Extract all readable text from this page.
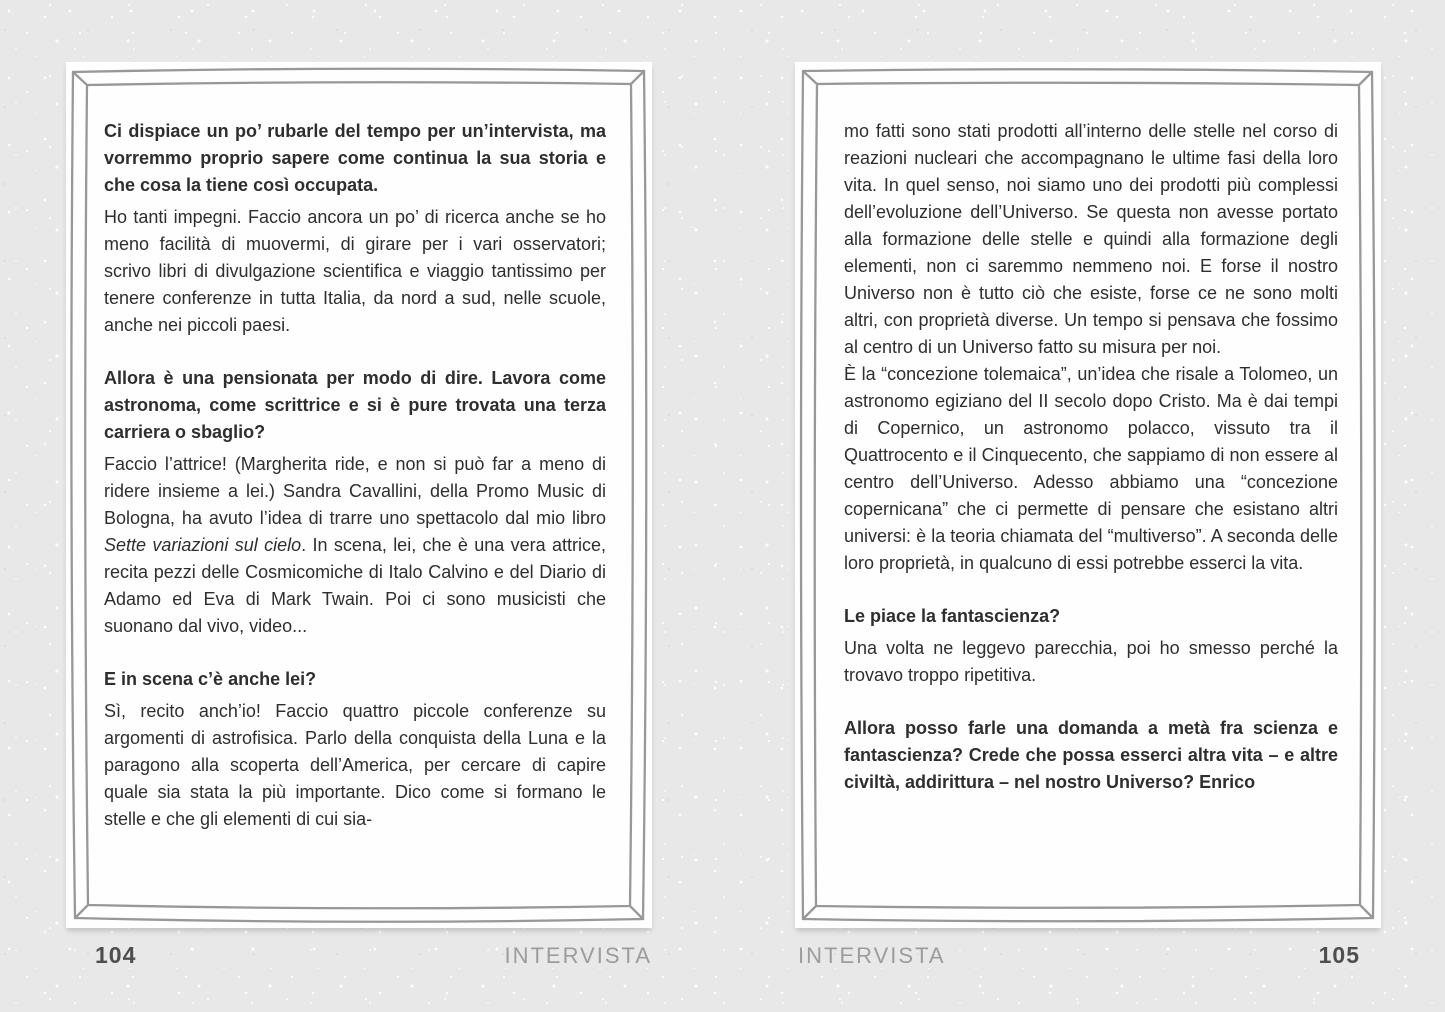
Ci dispiace un po’ rubarle del tempo per un’intervista, ma vorremmo proprio sapere come continua la sua storia e che cosa la tiene così occupata.

Ho tanti impegni. Faccio ancora un po’ di ricerca anche se ho meno facilità di muovermi, di girare per i vari osservatori; scrivo libri di divulgazione scientifica e viaggio tantissimo per tenere conferenze in tutta Italia, da nord a sud, nelle scuole, anche nei piccoli paesi.

Allora è una pensionata per modo di dire. Lavora come astronoma, come scrittrice e si è pure trovata una terza carriera o sbaglio?

Faccio l’attrice! (Margherita ride, e non si può far a meno di ridere insieme a lei.) Sandra Cavallini, della Promo Music di Bologna, ha avuto l’idea di trarre uno spettacolo dal mio libro Sette variazioni sul cielo. In scena, lei, che è una vera attrice, recita pezzi delle Cosmicomiche di Italo Calvino e del Diario di Adamo ed Eva di Mark Twain. Poi ci sono musicisti che suonano dal vivo, video...

E in scena c’è anche lei?

Sì, recito anch’io! Faccio quattro piccole conferenze su argomenti di astrofisica. Parlo della conquista della Luna e la paragono alla scoperta dell’America, per cercare di capire quale sia stata la più importante. Dico come si formano le stelle e che gli elementi di cui sia-

mo fatti sono stati prodotti all’interno delle stelle nel corso di reazioni nucleari che accompagnano le ultime fasi della loro vita. In quel senso, noi siamo uno dei prodotti più complessi dell’evoluzione dell’Universo. Se questa non avesse portato alla formazione delle stelle e quindi alla formazione degli elementi, non ci saremmo nemmeno noi. E forse il nostro Universo non è tutto ciò che esiste, forse ce ne sono molti altri, con proprietà diverse. Un tempo si pensava che fossimo al centro di un Universo fatto su misura per noi.

È la “concezione tolemaica”, un’idea che risale a Tolomeo, un astronomo egiziano del II secolo dopo Cristo. Ma è dai tempi di Copernico, un astronomo polacco, vissuto tra il Quattrocento e il Cinquecento, che sappiamo di non essere al centro dell’Universo. Adesso abbiamo una “concezione copernicana” che ci permette di pensare che esistano altri universi: è la teoria chiamata del “multiverso”. A seconda delle loro proprietà, in qualcuno di essi potrebbe esserci la vita.

Le piace la fantascienza?

Una volta ne leggevo parecchia, poi ho smesso perché la trovavo troppo ripetitiva.

Allora posso farle una domanda a metà fra scienza e fantascienza? Crede che possa esserci altra vita – e altre civiltà, addirittura – nel nostro Universo? Enrico

104	INTERVISTA	INTERVISTA	105
